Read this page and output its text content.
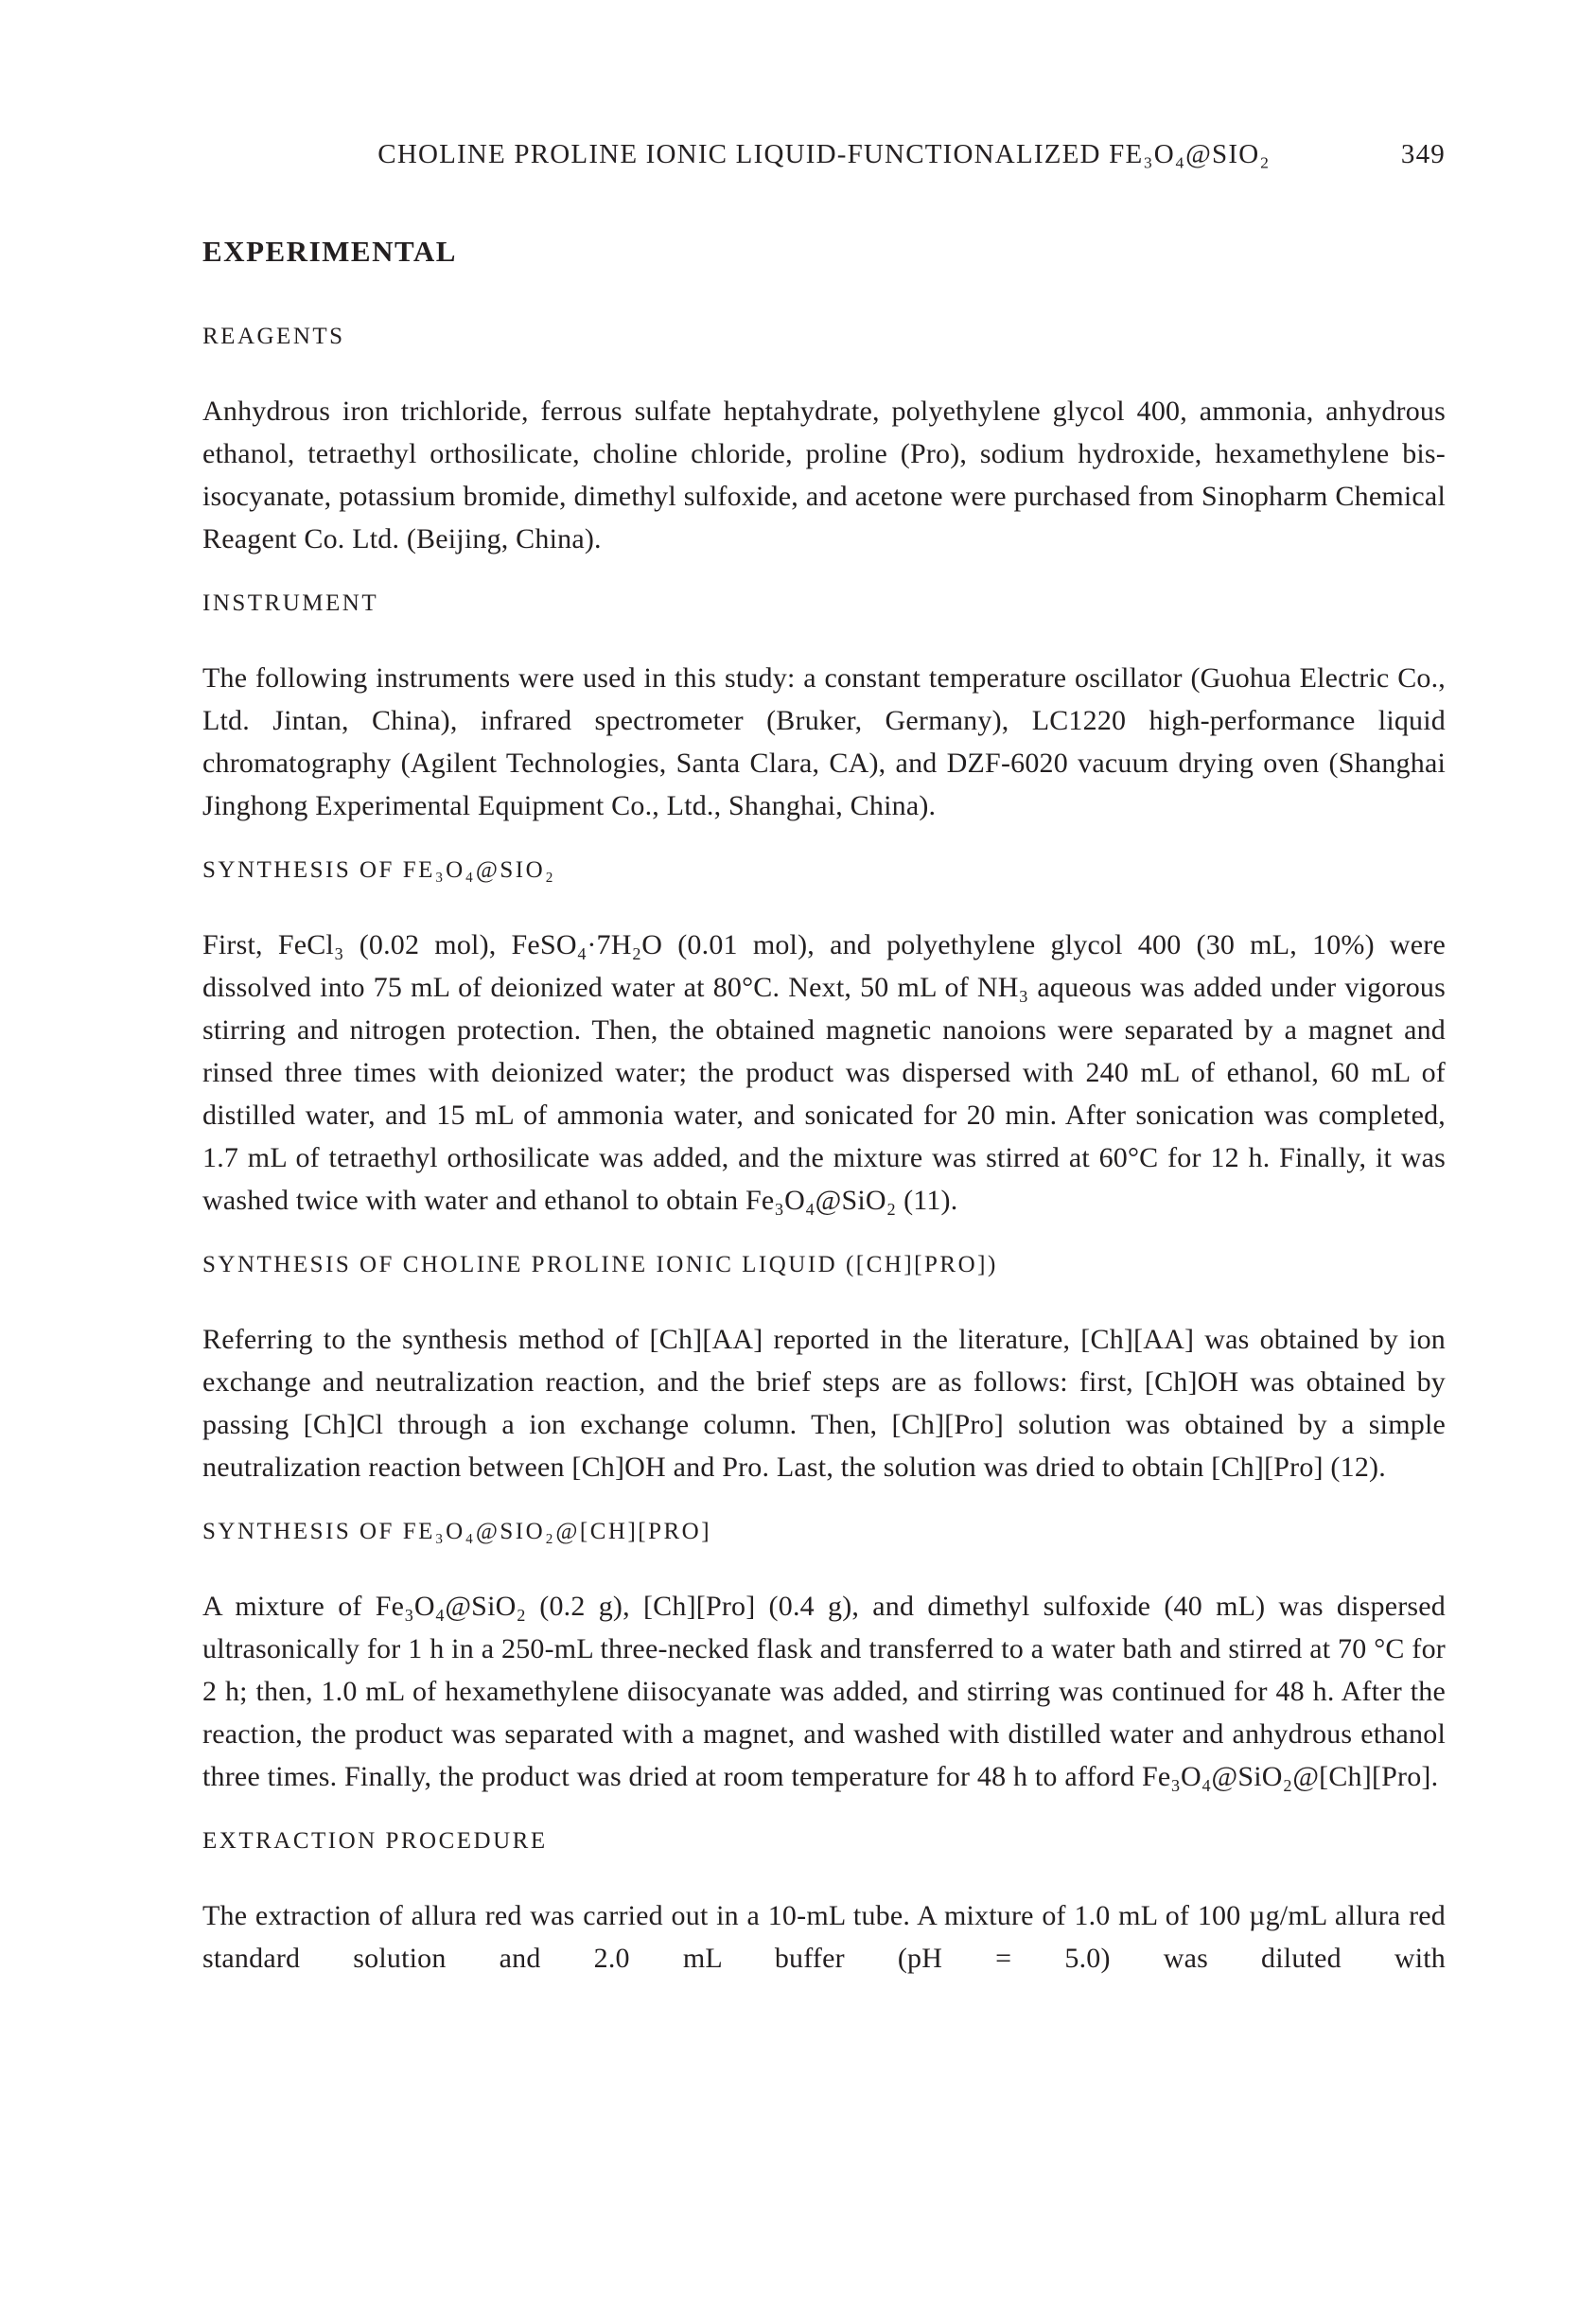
CHOLINE PROLINE IONIC LIQUID-FUNCTIONALIZED FE₃O₄@SIO₂	349
EXPERIMENTAL
REAGENTS

Anhydrous iron trichloride, ferrous sulfate heptahydrate, polyethylene glycol 400, ammonia, anhydrous ethanol, tetraethyl orthosilicate, choline chloride, proline (Pro), sodium hydroxide, hexamethylene bis-isocyanate, potassium bromide, dimethyl sulfoxide, and acetone were purchased from Sinopharm Chemical Reagent Co. Ltd. (Beijing, China).

INSTRUMENT

The following instruments were used in this study: a constant temperature oscillator (Guohua Electric Co., Ltd. Jintan, China), infrared spectrometer (Bruker, Germany), LC1220 high-performance liquid chromatography (Agilent Technologies, Santa Clara, CA), and DZF-6020 vacuum drying oven (Shanghai Jinghong Experimental Equipment Co., Ltd., Shanghai, China).

SYNTHESIS OF FE₃O₄@SIO₂

First, FeCl₃ (0.02 mol), FeSO₄·7H₂O (0.01 mol), and polyethylene glycol 400 (30 mL, 10%) were dissolved into 75 mL of deionized water at 80°C. Next, 50 mL of NH₃ aqueous was added under vigorous stirring and nitrogen protection. Then, the obtained magnetic nanoions were separated by a magnet and rinsed three times with deionized water; the product was dispersed with 240 mL of ethanol, 60 mL of distilled water, and 15 mL of ammonia water, and sonicated for 20 min. After sonication was completed, 1.7 mL of tetraethyl orthosilicate was added, and the mixture was stirred at 60°C for 12 h. Finally, it was washed twice with water and ethanol to obtain Fe₃O₄@SiO₂ (11).

SYNTHESIS OF CHOLINE PROLINE IONIC LIQUID ([CH][PRO])

Referring to the synthesis method of [Ch][AA] reported in the literature, [Ch][AA] was obtained by ion exchange and neutralization reaction, and the brief steps are as follows: first, [Ch]OH was obtained by passing [Ch]Cl through a ion exchange column. Then, [Ch][Pro] solution was obtained by a simple neutralization reaction between [Ch]OH and Pro. Last, the solution was dried to obtain [Ch][Pro] (12).

SYNTHESIS OF FE₃O₄@SIO₂@[CH][PRO]

A mixture of Fe₃O₄@SiO₂ (0.2 g), [Ch][Pro] (0.4 g), and dimethyl sulfoxide (40 mL) was dispersed ultrasonically for 1 h in a 250-mL three-necked flask and transferred to a water bath and stirred at 70 °C for 2 h; then, 1.0 mL of hexamethylene diisocyanate was added, and stirring was continued for 48 h. After the reaction, the product was separated with a magnet, and washed with distilled water and anhydrous ethanol three times. Finally, the product was dried at room temperature for 48 h to afford Fe₃O₄@SiO₂@[Ch][Pro].

EXTRACTION PROCEDURE

The extraction of allura red was carried out in a 10-mL tube. A mixture of 1.0 mL of 100 µg/mL allura red standard solution and 2.0 mL buffer (pH = 5.0) was diluted with
